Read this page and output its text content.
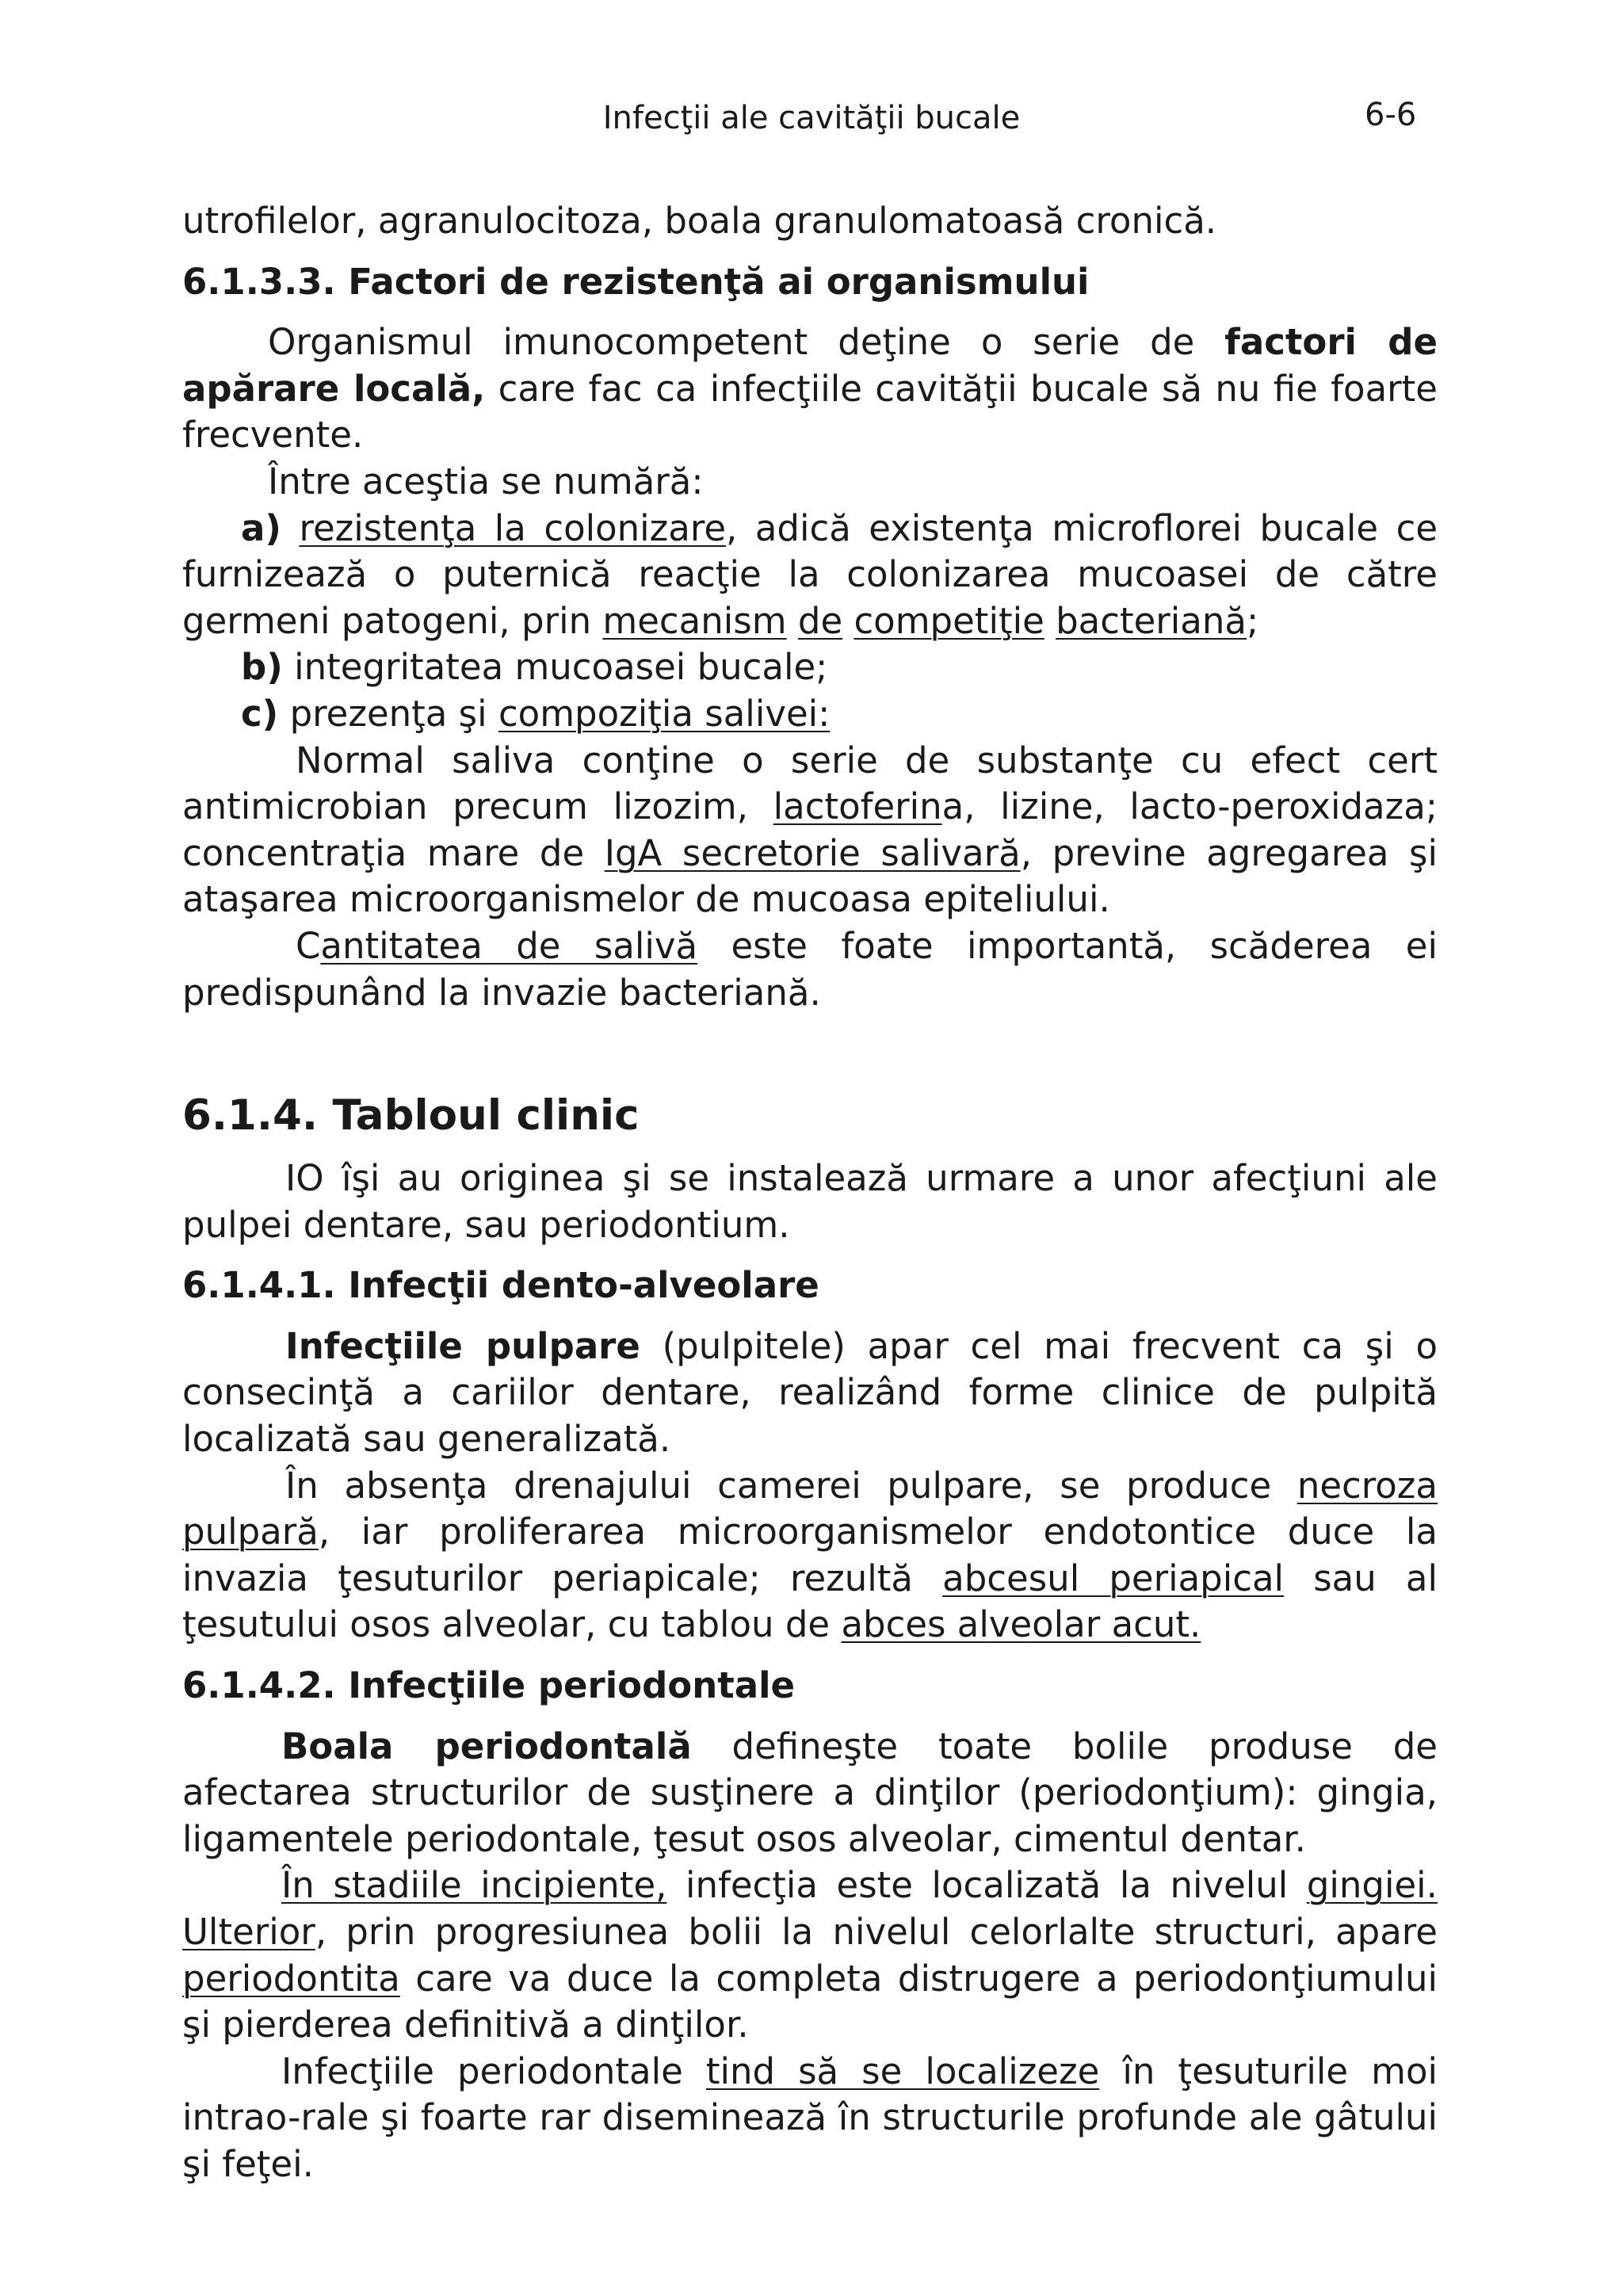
Infecţii ale cavităţii bucale	6-6

utrofilelor, agranulocitoza, boala granulomatoasă cronică.

6.1.3.3. Factori de rezistenţă ai organismului

Organismul imunocompetent deţine o serie de factori de apărare locală, care fac ca infecţiile cavităţii bucale să nu fie foarte frecvente.

Între aceştia se numără:

a) rezistenţa la colonizare, adică existenţa microflorei bucale ce furnizează o puternică reacţie la colonizarea mucoasei de către germeni patogeni, prin mecanism de competiţie bacteriană;

b) integritatea mucoasei bucale;

c) prezenţa şi compoziţia salivei:

Normal saliva conţine o serie de substanţe cu efect cert antimicrobian precum lizozim, lactoferina, lizine, lacto-peroxidaza; concentraţia mare de IgA secretorie salivară, previne agregarea şi ataşarea microorganismelor de mucoasa epiteliului.

Cantitatea de salivă este foate importantă, scăderea ei predispunând la invazie bacteriană.

6.1.4. Tabloul clinic

IO îşi au originea şi se instalează urmare a unor afecţiuni ale pulpei dentare, sau periodontium.

6.1.4.1. Infecţii dento-alveolare

Infecţiile pulpare (pulpitele) apar cel mai frecvent ca şi o consecinţă a cariilor dentare, realizând forme clinice de pulpită localizată sau generalizată.

În absenţa drenajului camerei pulpare, se produce necroza pulpară, iar proliferarea microorganismelor endotontice duce la invazia ţesuturilor periapicale; rezultă abcesul periapical sau al ţesutului osos alveolar, cu tablou de abces alveolar acut.

6.1.4.2. Infecţiile periodontale

Boala periodontală defineşte toate bolile produse de afectarea structurilor de susţinere a dinţilor (periodonţium): gingia, ligamentele periodontale, ţesut osos alveolar, cimentul dentar.

În stadiile incipiente, infecţia este localizată la nivelul gingiei. Ulterior, prin progresiunea bolii la nivelul celorlalte structuri, apare periodontita care va duce la completa distrugere a periodonţiumului şi pierderea definitivă a dinţilor.

Infecţiile periodontale tind să se localizeze în ţesuturile moi intrao-rale şi foarte rar diseminează în structurile profunde ale gâtului şi feţei.
